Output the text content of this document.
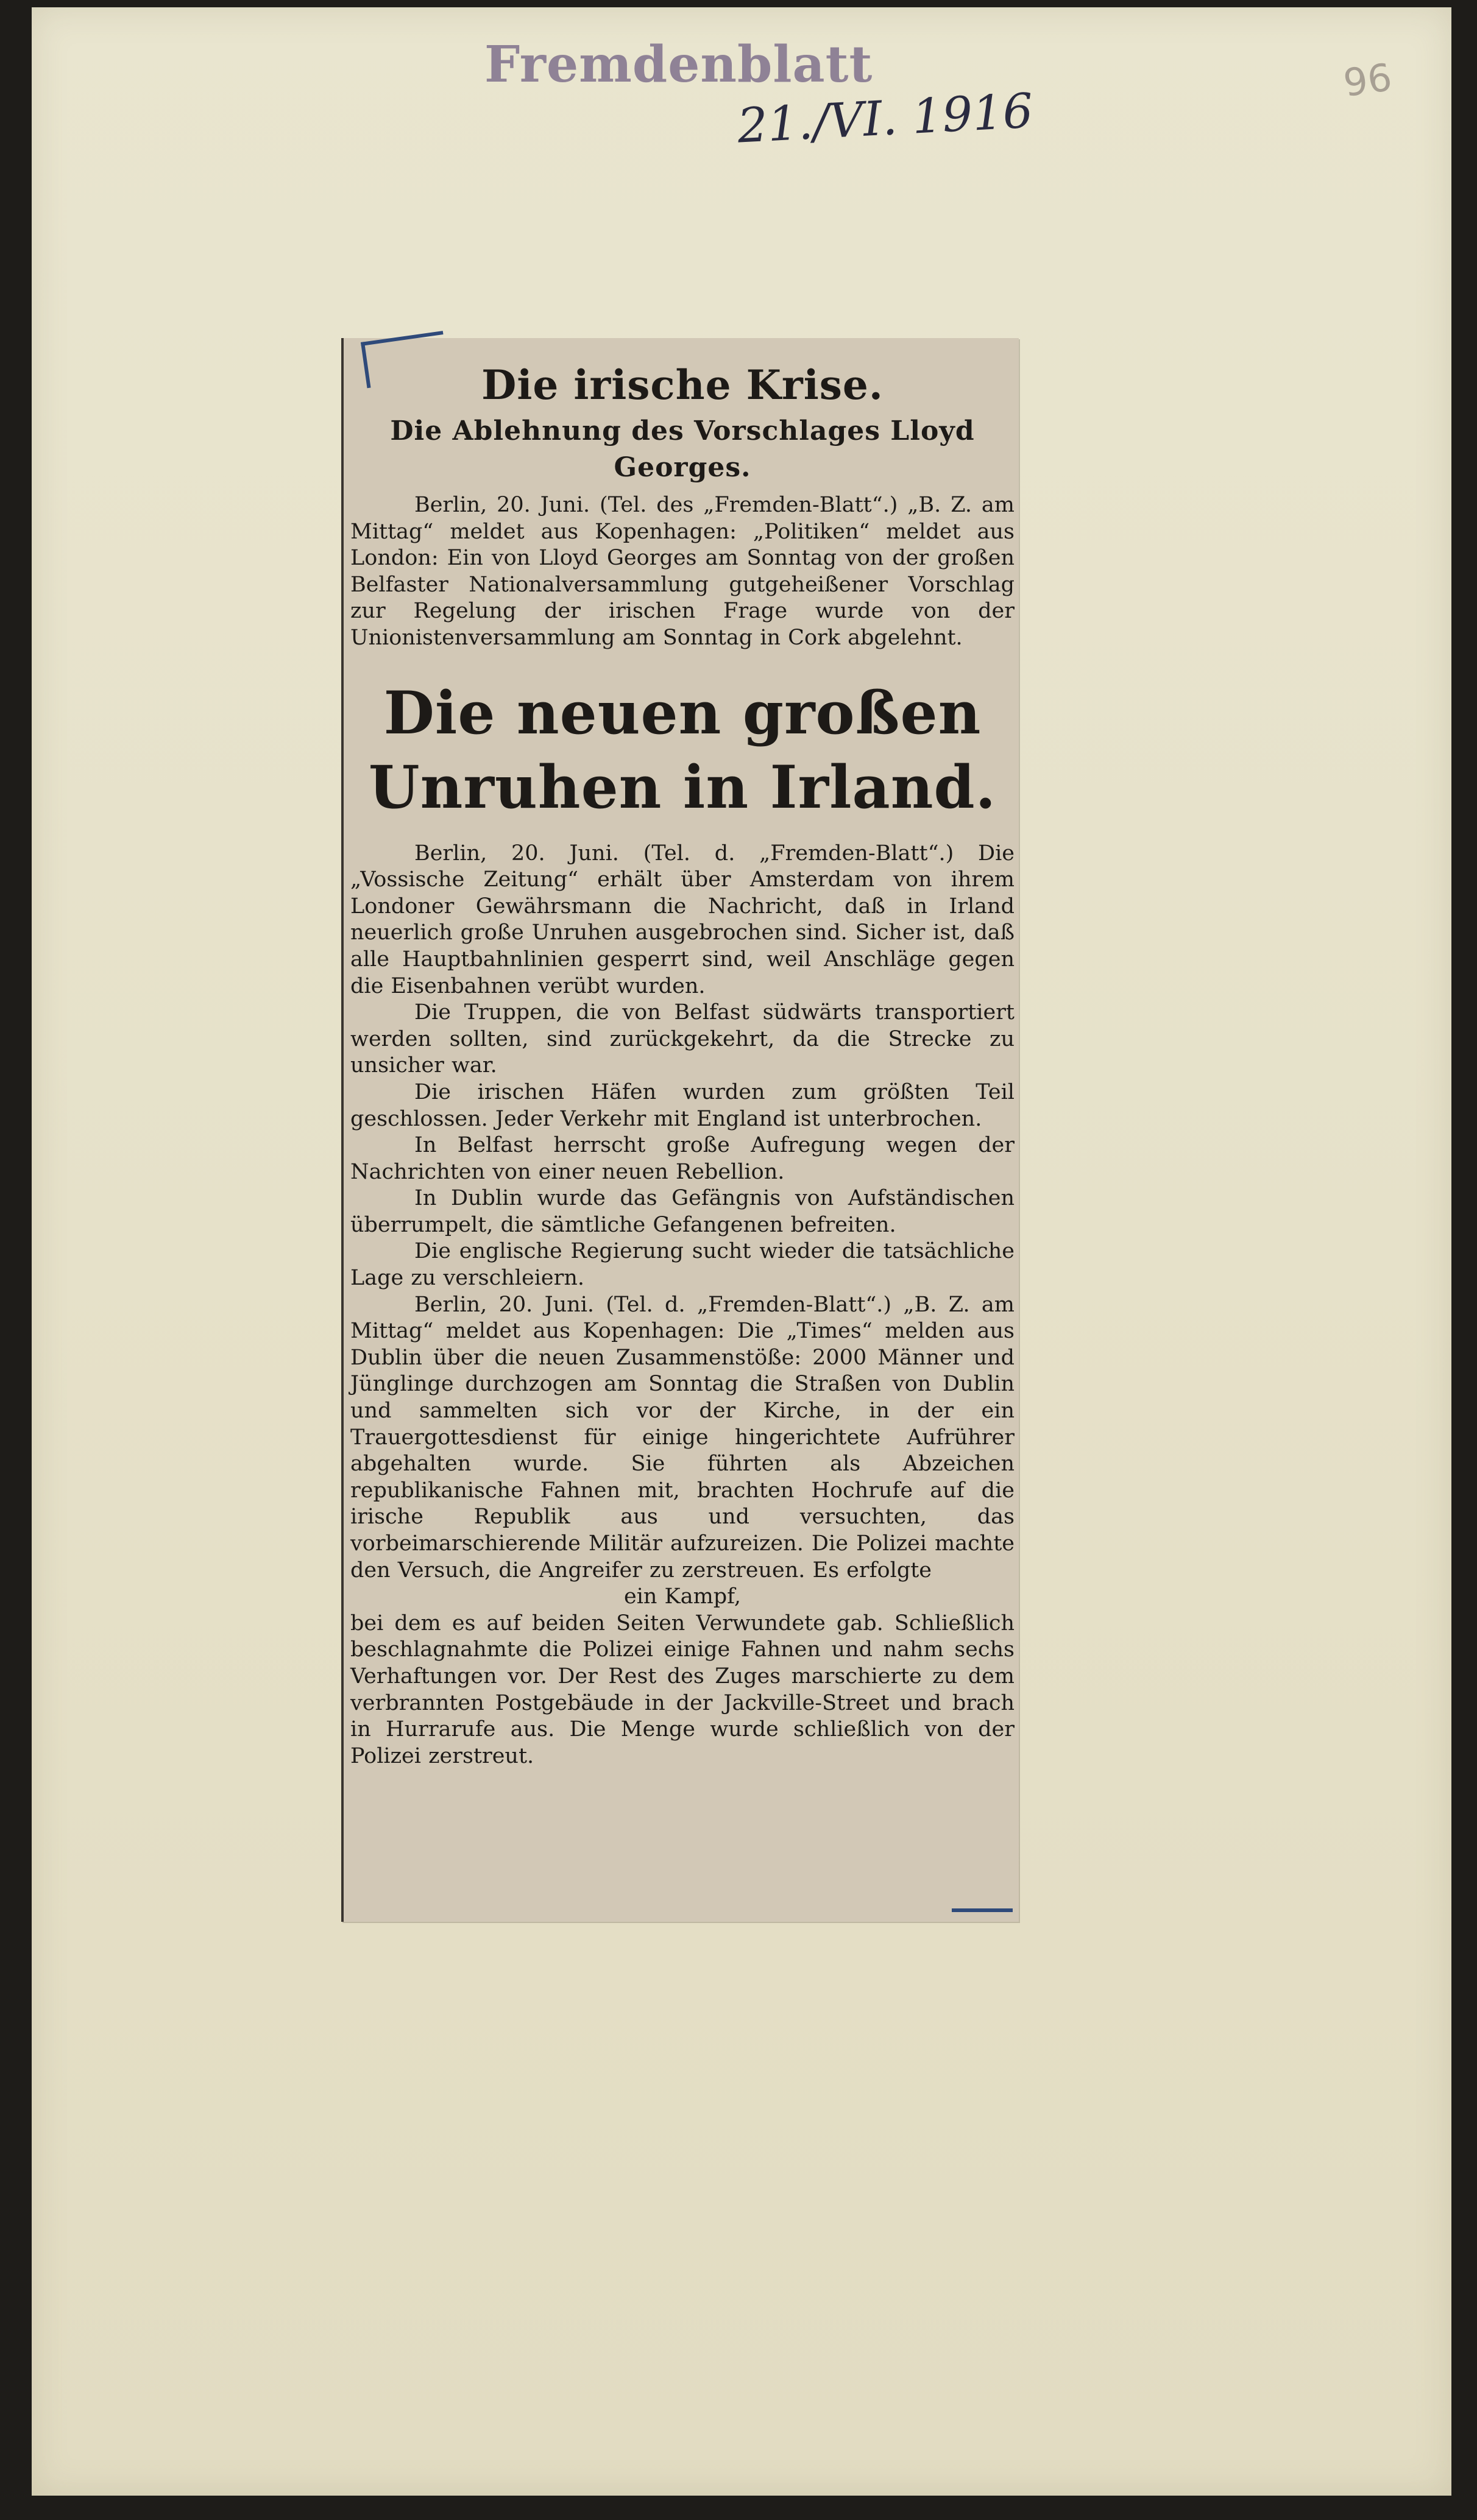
Fremdenblatt
21./VI. 1916
96
Die irische Krise.
Die Ablehnung des Vorschlages Lloyd Georges.

Berlin, 20. Juni. (Tel. des „Fremden-Blatt“.) „B. Z. am Mittag“ meldet aus Kopenhagen: „Politiken“ meldet aus London: Ein von Lloyd Georges am Sonntag von der großen Belfaster Nationalversammlung gutgeheißener Vorschlag zur Regelung der irischen Frage wurde von der Unionistenversammlung am Sonntag in Cork abgelehnt.

Die neuen großen Unruhen in Irland.

Berlin, 20. Juni. (Tel. d. „Fremden-Blatt“.) Die „Vossische Zeitung“ erhält über Amsterdam von ihrem Londoner Gewährsmann die Nachricht, daß in Irland neuerlich große Unruhen ausgebrochen sind. Sicher ist, daß alle Hauptbahnlinien gesperrt sind, weil Anschläge gegen die Eisenbahnen verübt wurden.

Die Truppen, die von Belfast südwärts transportiert werden sollten, sind zurückgekehrt, da die Strecke zu unsicher war.

Die irischen Häfen wurden zum größten Teil geschlossen. Jeder Verkehr mit England ist unterbrochen.

In Belfast herrscht große Aufregung wegen der Nachrichten von einer neuen Rebellion.

In Dublin wurde das Gefängnis von Aufständischen überrumpelt, die sämtliche Gefangenen befreiten.

Die englische Regierung sucht wieder die tatsächliche Lage zu verschleiern.

Berlin, 20. Juni. (Tel. d. „Fremden-Blatt“.) „B. Z. am Mittag“ meldet aus Kopenhagen: Die „Times“ melden aus Dublin über die neuen Zusammenstöße: 2000 Männer und Jünglinge durchzogen am Sonntag die Straßen von Dublin und sammelten sich vor der Kirche, in der ein Trauergottesdienst für einige hingerichtete Aufrührer abgehalten wurde. Sie führten als Abzeichen republikanische Fahnen mit, brachten Hochrufe auf die irische Republik aus und versuchten, das vorbeimarschierende Militär aufzureizen. Die Polizei machte den Versuch, die Angreifer zu zerstreuen. Es erfolgte

ein Kampf,

bei dem es auf beiden Seiten Verwundete gab. Schließlich beschlagnahmte die Polizei einige Fahnen und nahm sechs Verhaftungen vor. Der Rest des Zuges marschierte zu dem verbrannten Postgebäude in der Jackville-Street und brach in Hurrarufe aus. Die Menge wurde schließlich von der Polizei zerstreut.
